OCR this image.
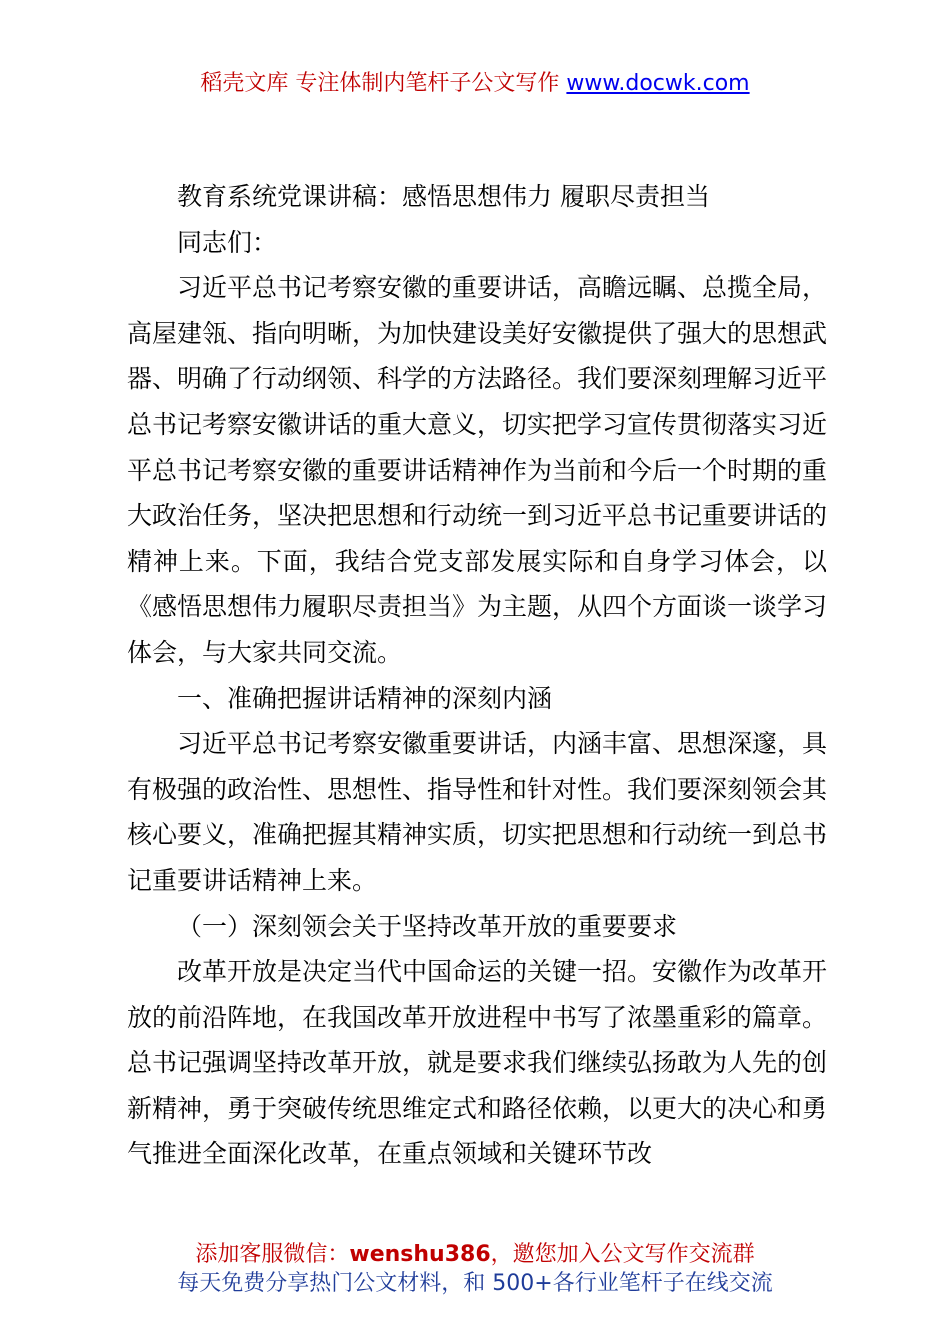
稻壳文库 专注体制内笔杆子公文写作 www.docwk.com

教育系统党课讲稿：感悟思想伟力 履职尽责担当

同志们：

习近平总书记考察安徽的重要讲话，高瞻远瞩、总揽全局，高屋建瓴、指向明晰，为加快建设美好安徽提供了强大的思想武器、明确了行动纲领、科学的方法路径。我们要深刻理解习近平总书记考察安徽讲话的重大意义，切实把学习宣传贯彻落实习近平总书记考察安徽的重要讲话精神作为当前和今后一个时期的重大政治任务，坚决把思想和行动统一到习近平总书记重要讲话的精神上来。下面，我结合党支部发展实际和自身学习体会，以《感悟思想伟力履职尽责担当》为主题，从四个方面谈一谈学习体会，与大家共同交流。

一、准确把握讲话精神的深刻内涵

习近平总书记考察安徽重要讲话，内涵丰富、思想深邃，具有极强的政治性、思想性、指导性和针对性。我们要深刻领会其核心要义，准确把握其精神实质，切实把思想和行动统一到总书记重要讲话精神上来。

（一）深刻领会关于坚持改革开放的重要要求

改革开放是决定当代中国命运的关键一招。安徽作为改革开放的前沿阵地，在我国改革开放进程中书写了浓墨重彩的篇章。总书记强调坚持改革开放，就是要求我们继续弘扬敢为人先的创新精神，勇于突破传统思维定式和路径依赖，以更大的决心和勇气推进全面深化改革，在重点领域和关键环节改

添加客服微信：wenshu386，邀您加入公文写作交流群
每天免费分享热门公文材料，和 500+各行业笔杆子在线交流
